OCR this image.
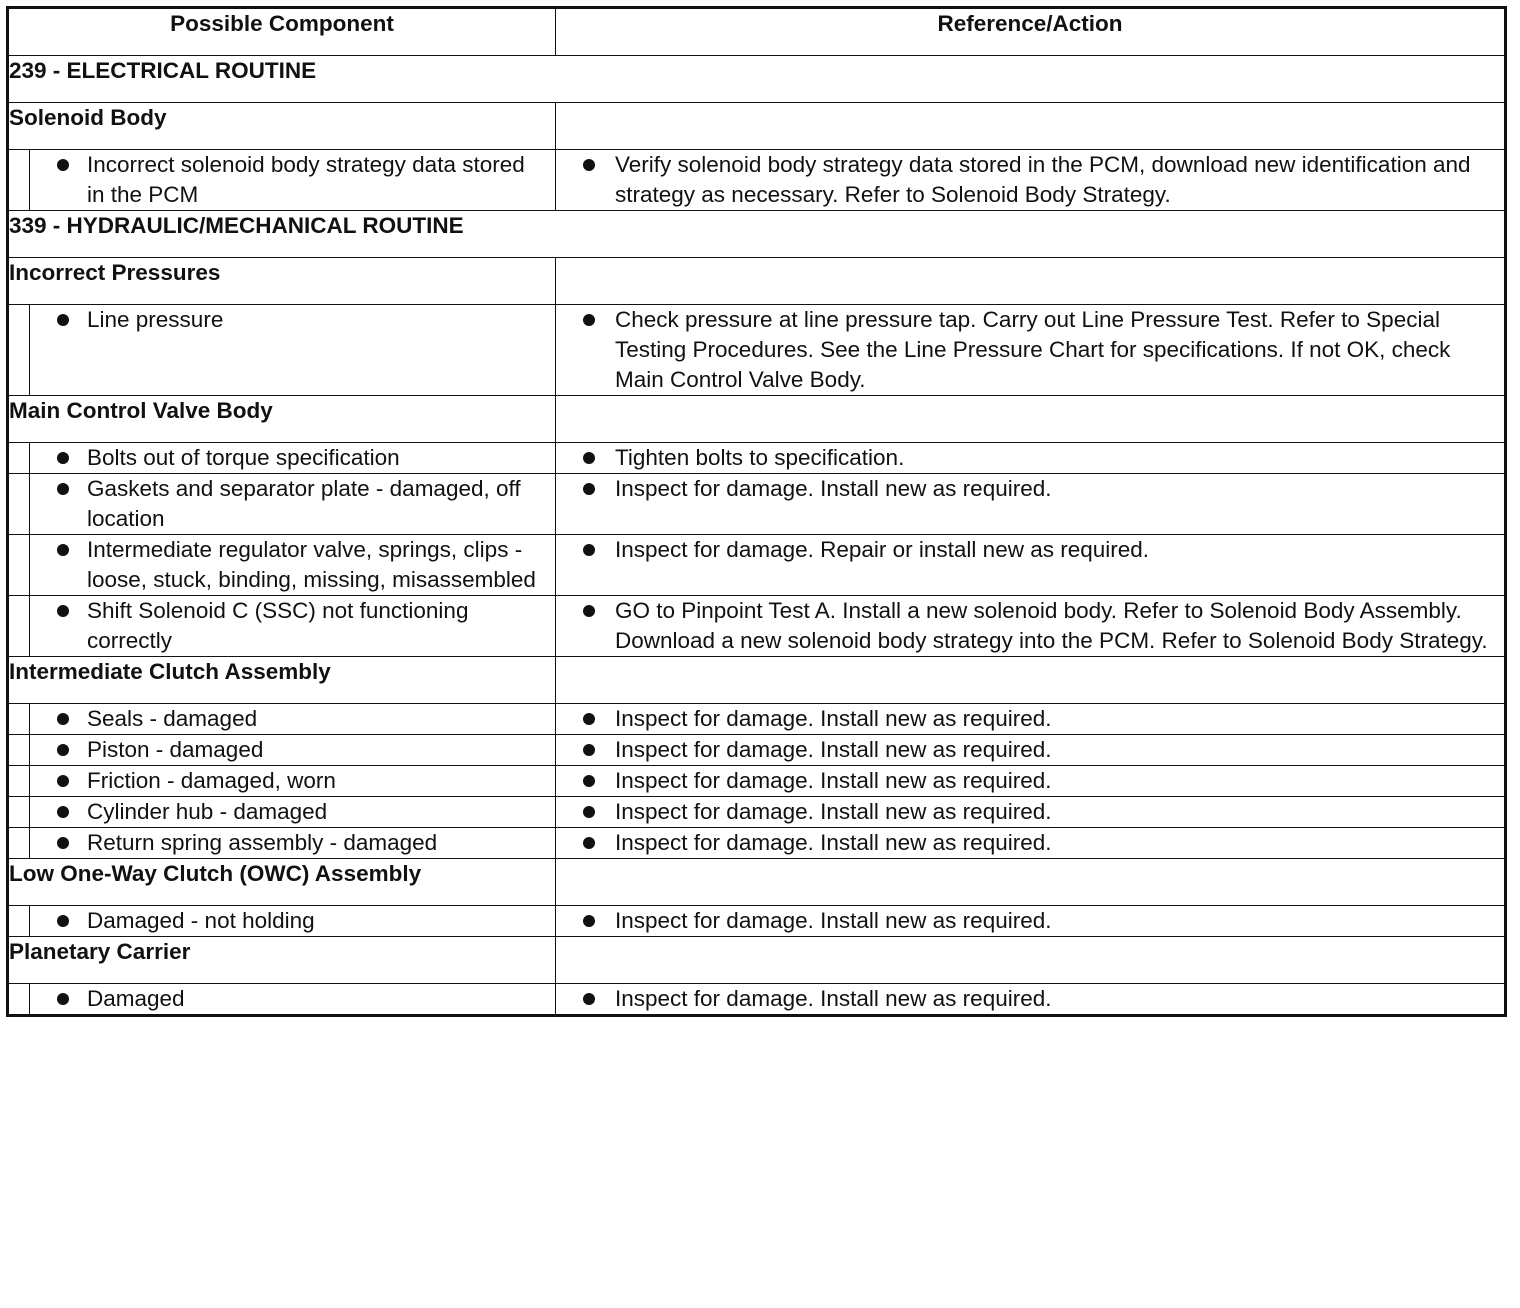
Possible Component		Reference/Action
239 - ELECTRICAL ROUTINE		
Solenoid Body		

Incorrect solenoid body strategy data stored in the PCM	Verify solenoid body strategy data stored in the PCM, download new identification and strategy as necessary. Refer to Solenoid Body Strategy.

339 - HYDRAULIC/MECHANICAL ROUTINE		
Incorrect Pressures		

Line pressure	Check pressure at line pressure tap. Carry out Line Pressure Test. Refer to Special Testing Procedures. See the Line Pressure Chart for specifications. If not OK, check Main Control Valve Body.

Main Control Valve Body		

Bolts out of torque specification	Tighten bolts to specification.

Gaskets and separator plate - damaged, off location	Inspect for damage. Install new as required.

Intermediate regulator valve, springs, clips - loose, stuck, binding, missing, misassembled	Inspect for damage. Repair or install new as required.

Shift Solenoid C (SSC) not functioning correctly	GO to Pinpoint Test A. Install a new solenoid body. Refer to Solenoid Body Assembly. Download a new solenoid body strategy into the PCM. Refer to Solenoid Body Strategy.

Intermediate Clutch Assembly		

Seals - damaged	Inspect for damage. Install new as required.

Piston - damaged	Inspect for damage. Install new as required.

Friction - damaged, worn	Inspect for damage. Install new as required.

Cylinder hub - damaged	Inspect for damage. Install new as required.

Return spring assembly - damaged	Inspect for damage. Install new as required.

Low One-Way Clutch (OWC) Assembly		

Damaged - not holding	Inspect for damage. Install new as required.

Planetary Carrier		

Damaged	Inspect for damage. Install new as required.
